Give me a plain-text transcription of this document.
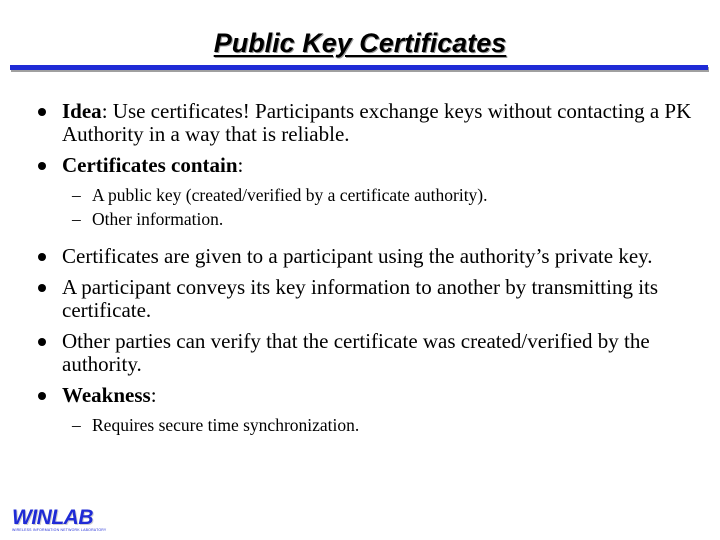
Public Key Certificates
Idea: Use certificates! Participants exchange keys without contacting a PK Authority in a way that is reliable.
Certificates contain:
– A public key (created/verified by a certificate authority).
– Other information.
Certificates are given to a participant using the authority’s private key.
A participant conveys its key information to another by transmitting its certificate.
Other parties can verify that the certificate was created/verified by the authority.
Weakness:
– Requires secure time synchronization.
WINLAB
WIRELESS INFORMATION NETWORK LABORATORY
